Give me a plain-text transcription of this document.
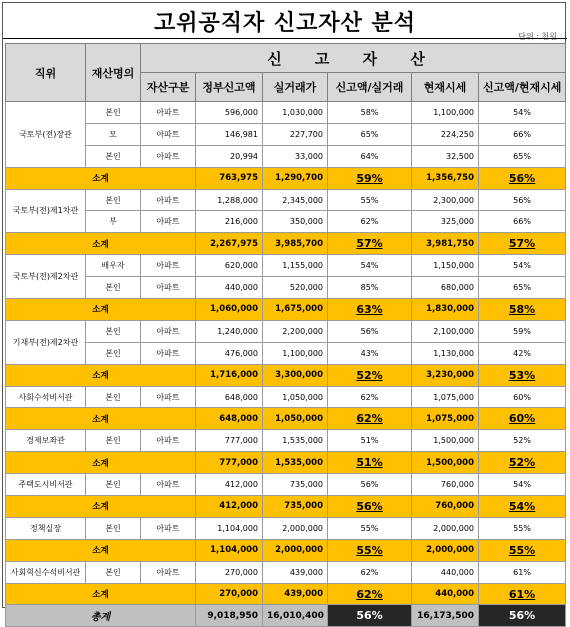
고위공직자 신고자산 분석
단위 : 천원
직위	재산명의	신 고 자 산					
		자산구분	정부신고액	실거래가	신고액/실거래	현재시세	신고액/현재시세
국토부(전)장관	본인	아파트	596,000	1,030,000	58%	1,100,000	54%
	모	아파트	146,981	227,700	65%	224,250	66%
	본인	아파트	20,994	33,000	64%	32,500	65%
소계			763,975	1,290,700	59%	1,356,750	56%
국토부(전)제1차관	본인	아파트	1,288,000	2,345,000	55%	2,300,000	56%
	부	아파트	216,000	350,000	62%	325,000	66%
소계			2,267,975	3,985,700	57%	3,981,750	57%
국토부(전)제2차관	배우자	아파트	620,000	1,155,000	54%	1,150,000	54%
	본인	아파트	440,000	520,000	85%	680,000	65%
소계			1,060,000	1,675,000	63%	1,830,000	58%
기재부(전)제2차관	본인	아파트	1,240,000	2,200,000	56%	2,100,000	59%
	본인	아파트	476,000	1,100,000	43%	1,130,000	42%
소계			1,716,000	3,300,000	52%	3,230,000	53%
사회수석비서관	본인	아파트	648,000	1,050,000	62%	1,075,000	60%
소계			648,000	1,050,000	62%	1,075,000	60%
경제보좌관	본인	아파트	777,000	1,535,000	51%	1,500,000	52%
소계			777,000	1,535,000	51%	1,500,000	52%
주택도시비서관	본인	아파트	412,000	735,000	56%	760,000	54%
소계			412,000	735,000	56%	760,000	54%
정책실장	본인	아파트	1,104,000	2,000,000	55%	2,000,000	55%
소계			1,104,000	2,000,000	55%	2,000,000	55%
사회혁신수석비서관	본인	아파트	270,000	439,000	62%	440,000	61%
소계			270,000	439,000	62%	440,000	61%
총계			9,018,950	16,010,400	56%	16,173,500	56%
